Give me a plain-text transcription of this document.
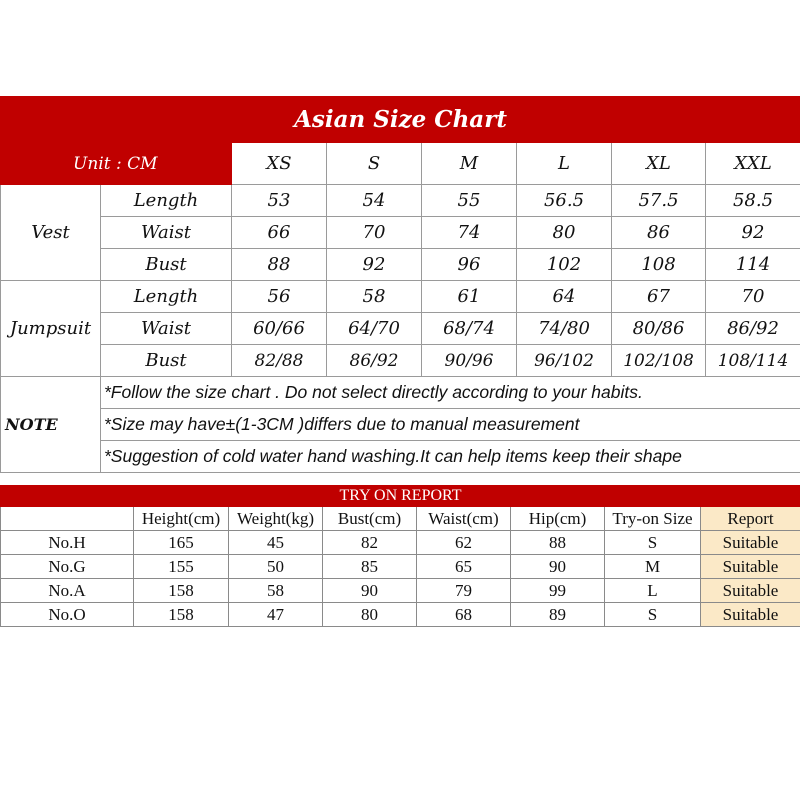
Asian Size Chart							
Unit : CM		XS	S	M	L	XL	XXL
Vest	Length	53	54	55	56.5	57.5	58.5
	Waist	66	70	74	80	86	92
	Bust	88	92	96	102	108	114
Jumpsuit	Length	56	58	61	64	67	70
	Waist	60/66	64/70	68/74	74/80	80/86	86/92
	Bust	82/88	86/92	90/96	96/102	102/108	108/114
NOTE	*Follow the size chart . Do not select directly according to your habits.						
	*Size may have±(1-3CM )differs due to manual measurement						
	*Suggestion of cold water hand washing.It can help items keep their shape						
TRY ON REPORT							
	Height(cm)	Weight(kg)	Bust(cm)	Waist(cm)	Hip(cm)	Try-on Size	Report
No.H	165	45	82	62	88	S	Suitable
No.G	155	50	85	65	90	M	Suitable
No.A	158	58	90	79	99	L	Suitable
No.O	158	47	80	68	89	S	Suitable
